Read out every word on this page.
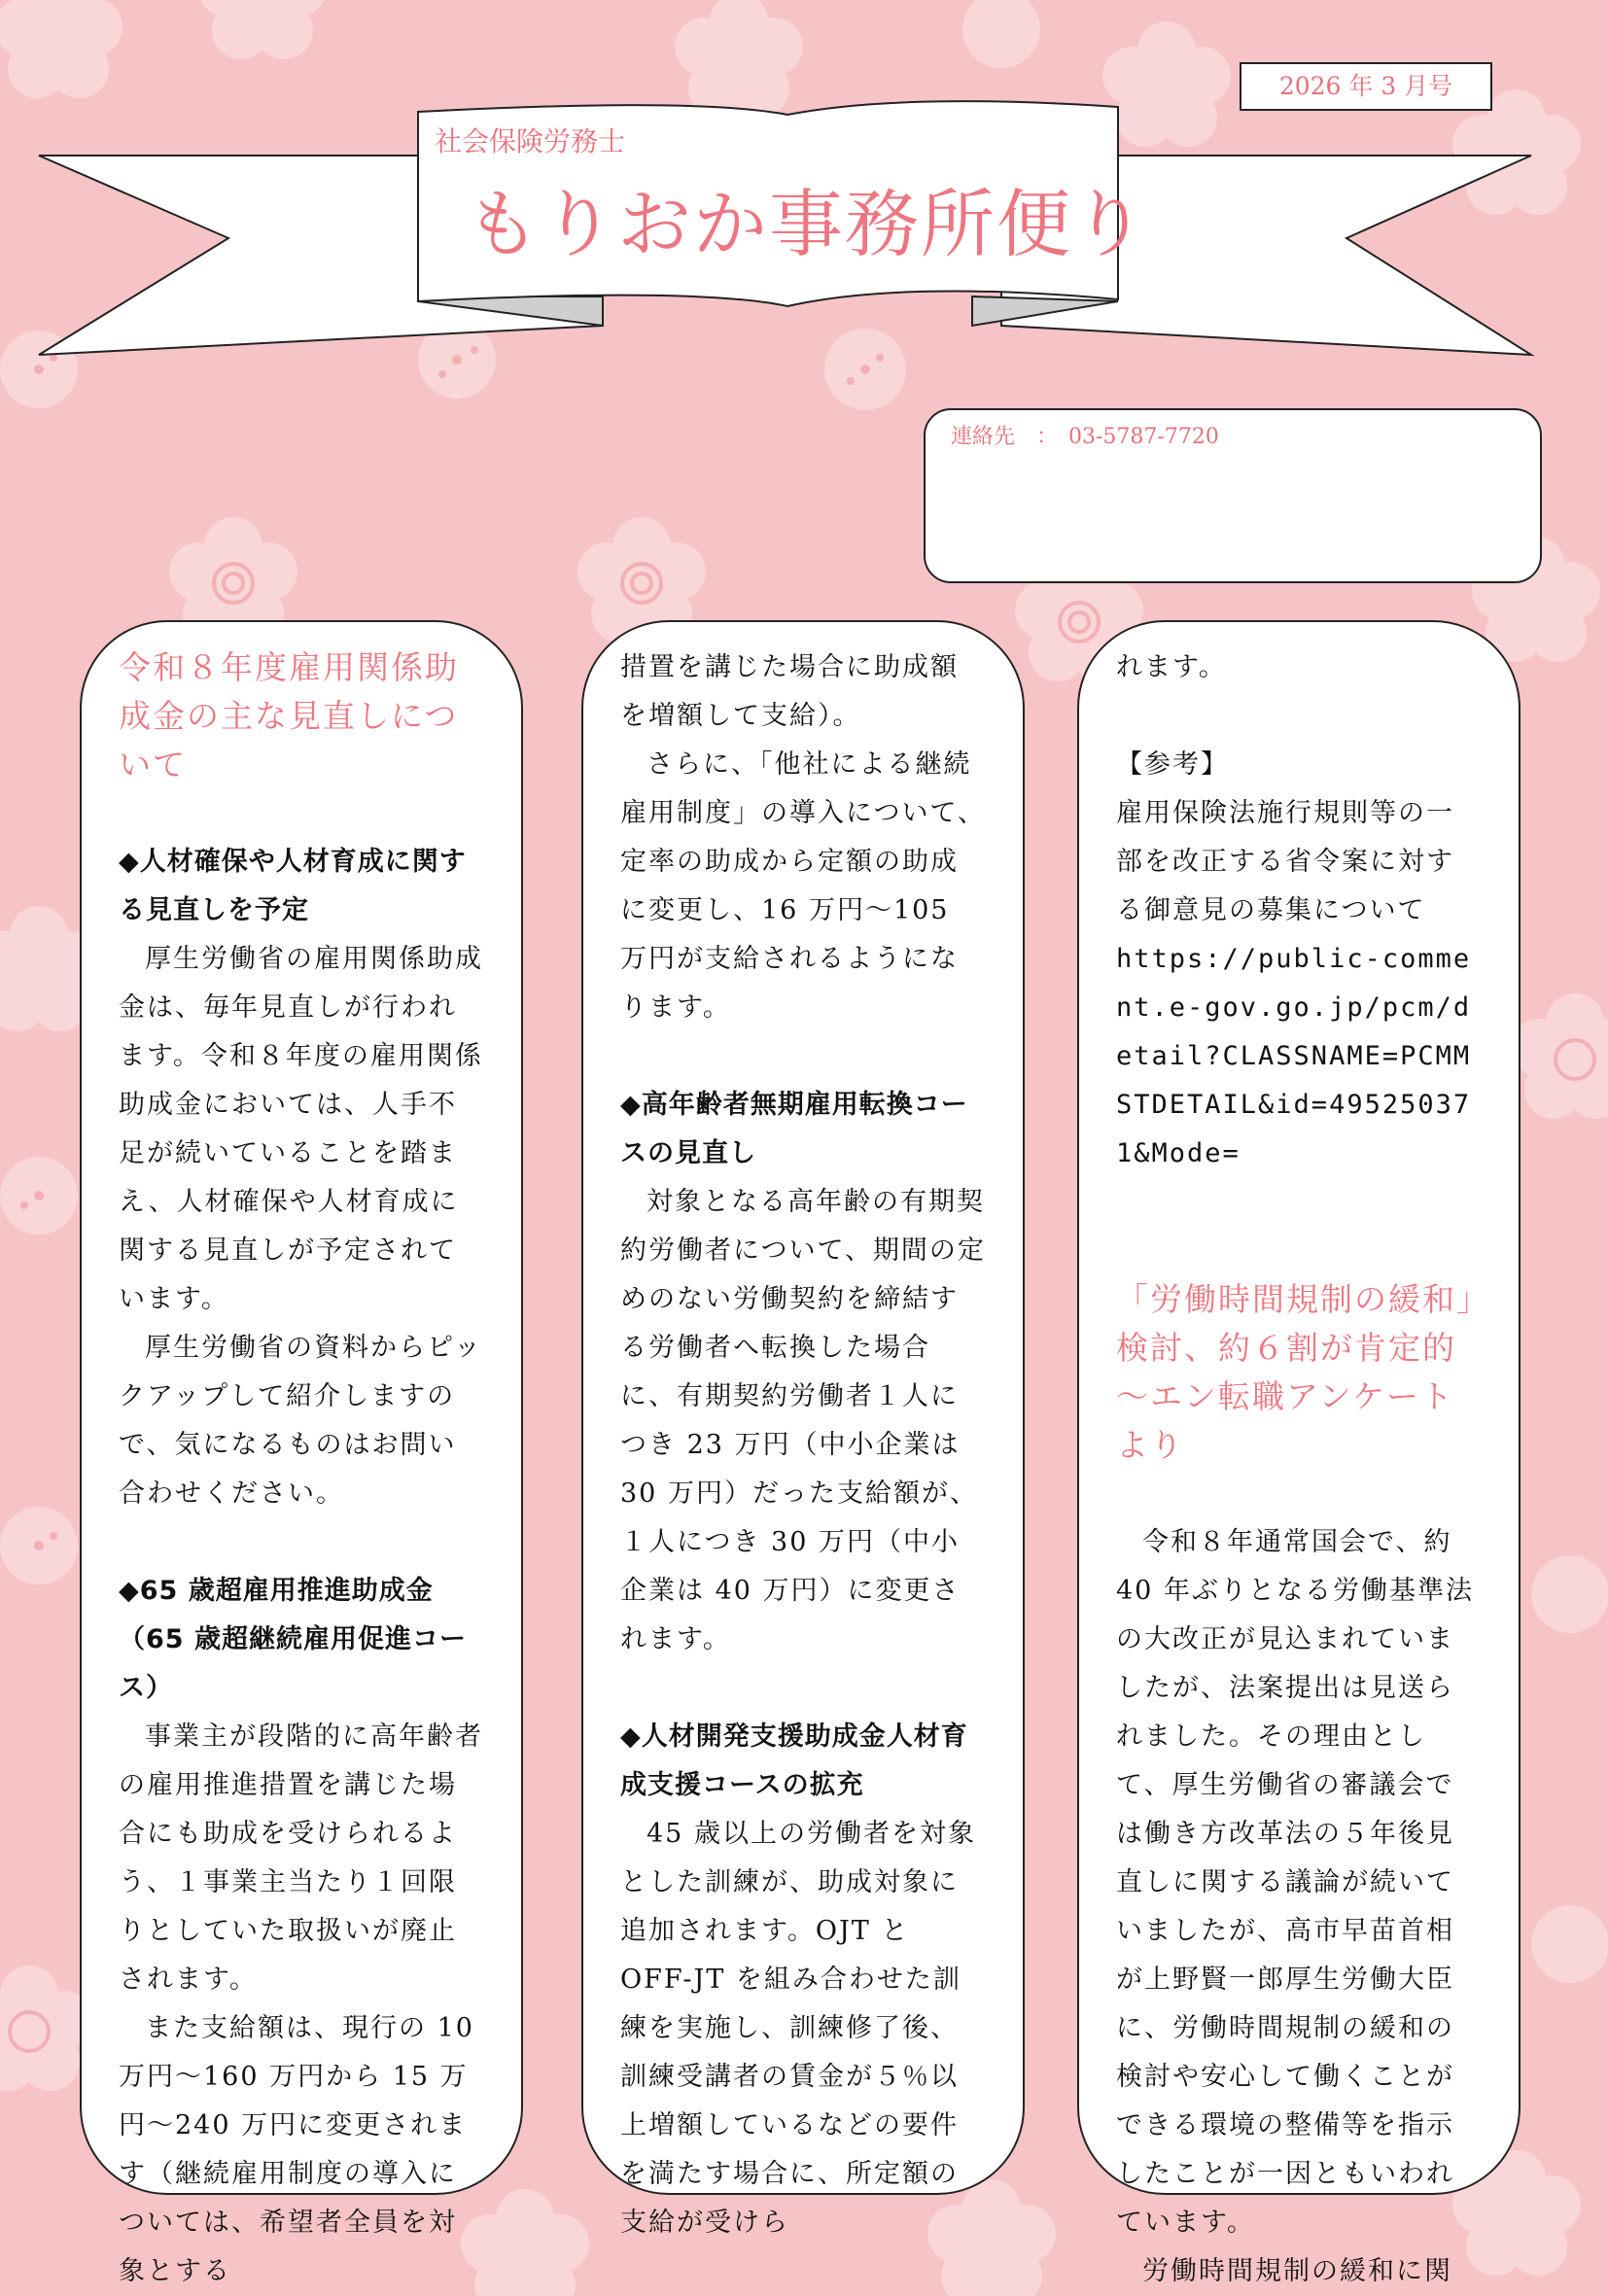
2026 年 3 月号
社会保険労務士
もりおか事務所便り
連絡先　：　03-5787-7720
令和８年度雇用関係助成金の主な見直しについて
◆人材確保や人材育成に関する見直しを予定

厚生労働省の雇用関係助成金は、毎年見直しが行われます。令和８年度の雇用関係助成金においては、人手不足が続いていることを踏まえ、人材確保や人材育成に関する見直しが予定されています。

厚生労働省の資料からピックアップして紹介しますので、気になるものはお問い合わせください。

◆65 歳超雇用推進助成金（65 歳超継続雇用促進コース）

事業主が段階的に高年齢者の雇用推進措置を講じた場合にも助成を受けられるよう、１事業主当たり１回限りとしていた取扱いが廃止されます。

また支給額は、現行の 10 万円～160 万円から 15 万円～240 万円に変更されます（継続雇用制度の導入については、希望者全員を対象とする

措置を講じた場合に助成額を増額して支給）。

さらに、「他社による継続雇用制度」の導入について、定率の助成から定額の助成に変更し、16 万円～105 万円が支給されるようになります。

◆高年齢者無期雇用転換コースの見直し

対象となる高年齢の有期契約労働者について、期間の定めのない労働契約を締結する労働者へ転換した場合に、有期契約労働者１人につき 23 万円（中小企業は 30 万円）だった支給額が、１人につき 30 万円（中小企業は 40 万円）に変更されます。

◆人材開発支援助成金人材育成支援コースの拡充

45 歳以上の労働者を対象とした訓練が、助成対象に追加されます。OJT と OFF-JT を組み合わせた訓練を実施し、訓練修了後、訓練受講者の賃金が５％以上増額しているなどの要件を満たす場合に、所定額の支給が受けら

れます。

【参考】

雇用保険法施行規則等の一部を改正する省令案に対する御意見の募集について

https://public-comment.e-gov.go.jp/pcm/detail?CLASSNAME=PCMMSTDETAIL&id=495250371&Mode=

「労働時間規制の緩和」検討、約６割が肯定的～エン転職アンケートより

令和８年通常国会で、約40 年ぶりとなる労働基準法の大改正が見込まれていましたが、法案提出は見送られました。その理由として、厚生労働省の審議会では働き方改革法の５年後見直しに関する議論が続いていましたが、高市早苗首相が上野賢一郎厚生労働大臣に、労働時間規制の緩和の検討や安心して働くことができる環境の整備等を指示したことが一因ともいわれています。

労働時間規制の緩和に関
